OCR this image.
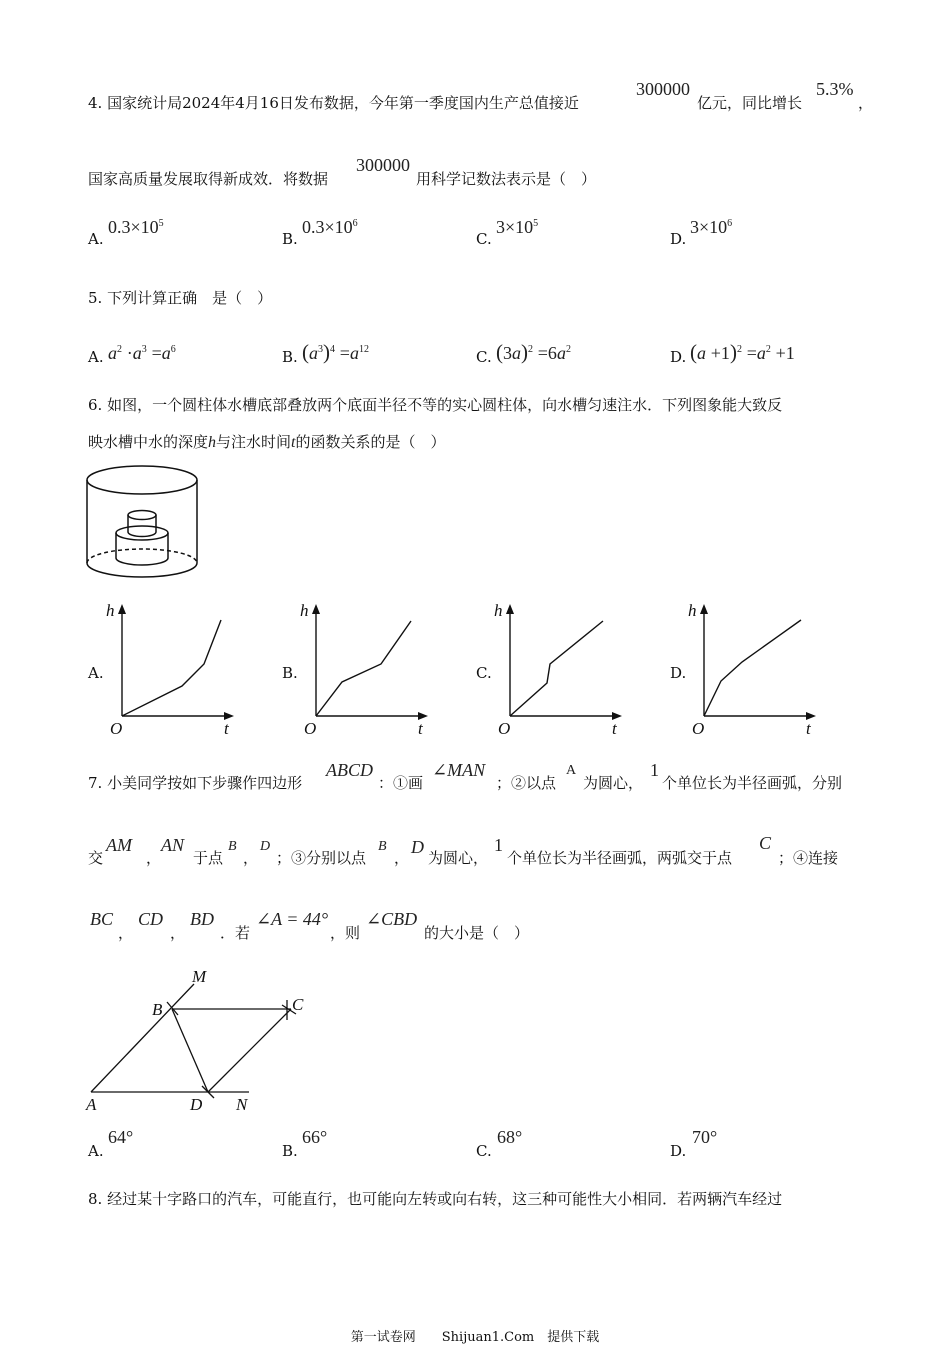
4. 国家统计局2024年4月16日发布数据，今年第一季度国内生产总值接近
300000
亿元，同比增长
5.3%
，
国家高质量发展取得新成效．将数据
300000
用科学记数法表示是（　）
A.
$0.3\times 10^5$
B.
$0.3\times 10^6$
C.
$3\times 10^5$
D.
$3\times 10^6$
5. 下列计算正确　是（　）
A.	B.	C.	D.
$a^2 \cdot a^3 =a^6$	$(a^3)^4 =a^{12}$	$(3a)^2 =6a^2$	$(a +1)^2 =a^2 +1$
6. 如图，一个圆柱体水槽底部叠放两个底面半径不等的实心圆柱体，向水槽匀速注水．下列图象能大致反
映水槽中水的深度h与注水时间t的函数关系的是（　）
A.
h
O	t
B.
h
O	t
C.
h
O	t
D.
h
O	t
7. 小美同学按如下步骤作四边形
ABCD
：①画
∠MAN
；②以点
A
为圆心，
1
个单位长为半径画弧，分别
交
AM
，
AN
于点
B
，
D
；③分别以点
B
，
D
为圆心，
1
个单位长为半径画弧，两弧交于点
C
；④连接
BC
，
CD
，
BD
．若
∠A = 44°
，则
∠CBD
的大小是（　）
M
B	C
A	D N
A.
64°
B.
66°
C.
68°
D.
70°
8. 经过某十字路口的汽车，可能直行，也可能向左转或向右转，这三种可能性大小相同．若两辆汽车经过
第一试卷网　　Shijuan1.Com　提供下载
